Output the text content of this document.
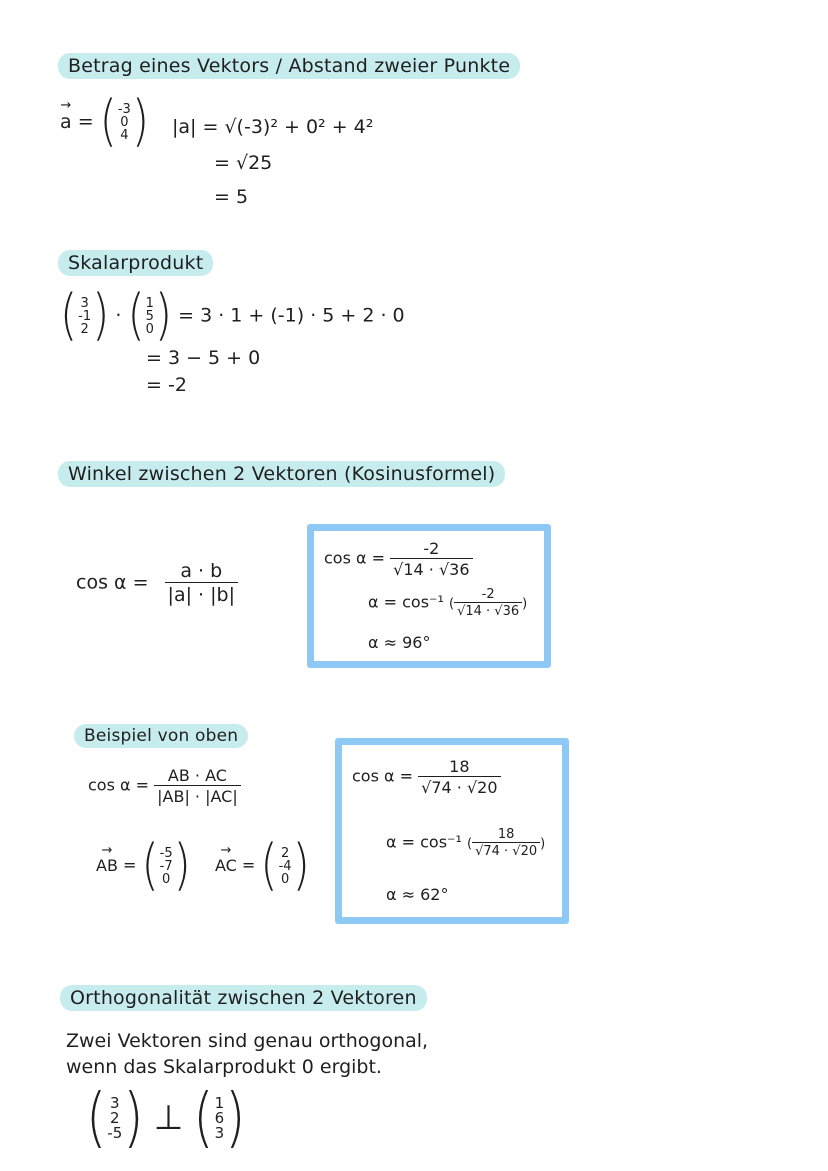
Betrag eines Vektors / Abstand zweier Punkte
→ a = ( -3
0
4 ) |a| = √(-3)² + 0² + 4²
= √25
= 5
Skalarprodukt
( 3
-1
2 ) · ( 1
5
0 ) = 3 · 1 + (-1) · 5 + 2 · 0
= 3 − 5 + 0
= -2
Winkel zwischen 2 Vektoren (Kosinusformel)
$\cos \alpha = \frac{a \cdot b}{|a| \cdot |b|}$
$\cos \alpha = \frac{-2}{√14 \cdot √36}$
α = cos⁻¹ ( $\frac{-2}{√14 \cdot √36}$ )
α ≈ 96°
Beispiel von oben
$\cos \alpha = \frac{AB \cdot AC}{|AB| \cdot |AC|}$
→ AB = ( -5
-7
0 )
→ AC = ( 2
-4
0 )
$\cos \alpha = \frac{18}{√74 \cdot √20}$
α = cos⁻¹ ( $\frac{18}{√74 \cdot √20}$ )
α ≈ 62°
Orthogonalität zwischen 2 Vektoren
Zwei Vektoren sind genau orthogonal,
wenn das Skalarprodukt 0 ergibt.
( 3
2
-5 ) ⊥ ( 1
6
3 )
